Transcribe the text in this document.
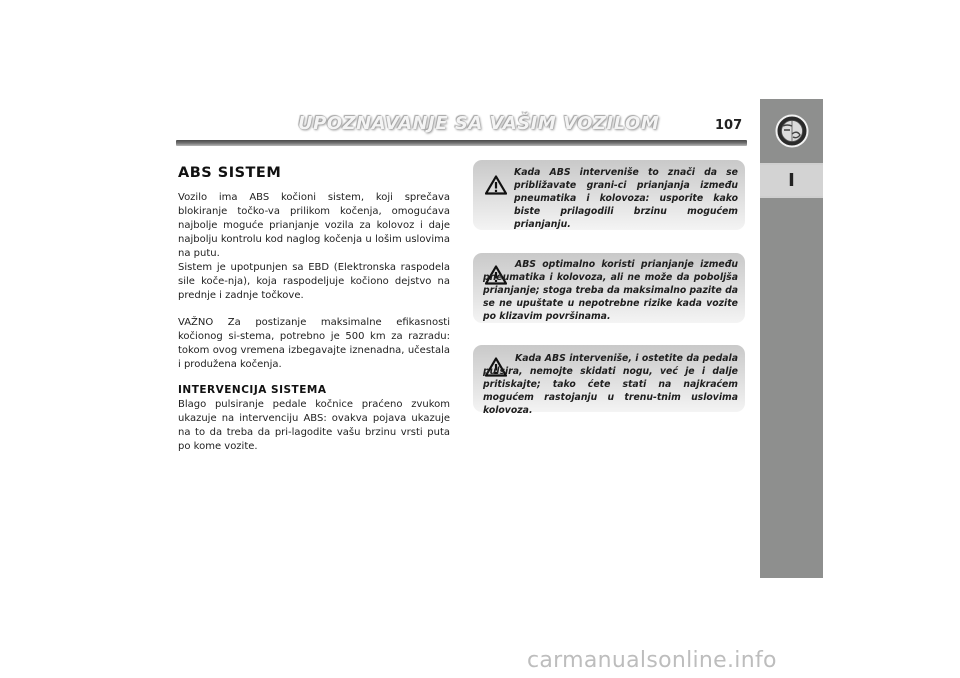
UPOZNAVANJE SA VAŠIM VOZILOM	107
I
ABS SISTEM

Vozilo ima ABS kočioni sistem, koji sprečava blokiranje točko-va prilikom kočenja, omogućava najbolje moguće prianjanje vozila za kolovoz i daje najbolju kontrolu kod naglog kočenja u lošim uslovima na putu.

Sistem je upotpunjen sa EBD (Elektronska raspodela sile koče-nja), koja raspodeljuje kočiono dejstvo na prednje i zadnje točkove.

VAŽNO Za postizanje maksimalne efikasnosti kočionog si-stema, potrebno je 500 km za razradu: tokom ovog vremena izbegavajte iznenadna, učestala i produžena kočenja.

INTERVENCIJA SISTEMA

Blago pulsiranje pedale kočnice praćeno zvukom ukazuje na intervenciju ABS: ovakva pojava ukazuje na to da treba da pri-lagodite vašu brzinu vrsti puta po kome vozite.

Kada ABS interveniše to znači da se približavate grani-ci prianjanja između pneumatika i kolovoza: usporite kako biste prilagodili brzinu mogućem prianjanju.
ABS optimalno koristi prianjanje između pneumatika i kolovoza, ali ne može da poboljša prianjanje; stoga treba da maksimalno pazite da se ne upuštate u nepotrebne rizike kada vozite po klizavim površinama.
Kada ABS interveniše, i ostetite da pedala pulsira, nemojte skidati nogu, već je i dalje pritiskajte; tako ćete stati na najkraćem mogućem rastojanju u trenu-tnim uslovima kolovoza.
carmanualsonline.info
